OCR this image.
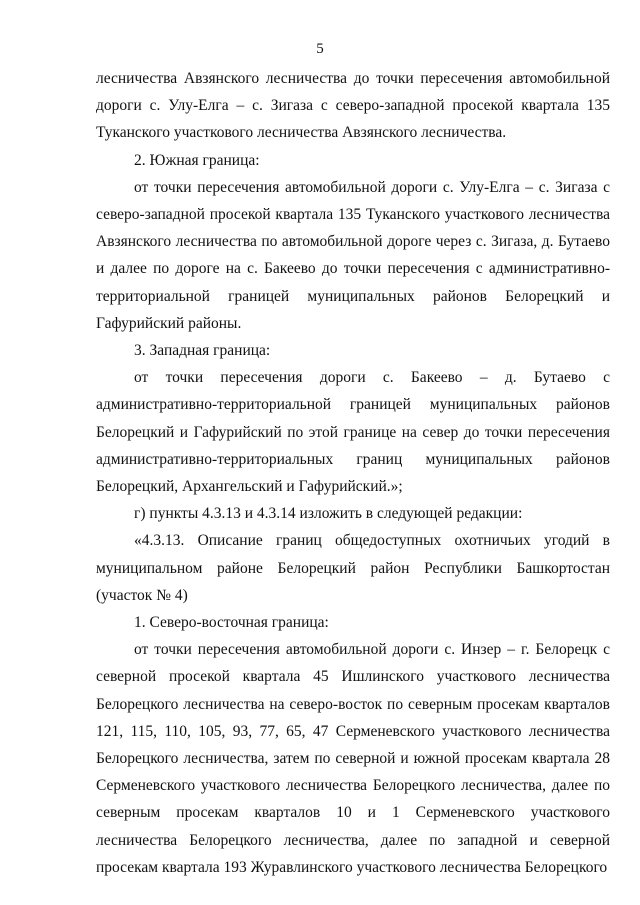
5

лесничества Авзянского лесничества до точки пересечения автомобильной дороги с. Улу-Елга – с. Зигаза с северо-западной просекой квартала 135 Туканского участкового лесничества Авзянского лесничества.

2. Южная граница:

от точки пересечения автомобильной дороги с. Улу-Елга – с. Зигаза с северо-западной просекой квартала 135 Туканского участкового лесничества Авзянского лесничества по автомобильной дороге через с. Зигаза, д. Бутаево и далее по дороге на с. Бакеево до точки пересечения с административно-территориальной границей муниципальных районов Белорецкий и Гафурийский районы.

3. Западная граница:

от точки пересечения дороги с. Бакеево – д. Бутаево с административно-территориальной границей муниципальных районов Белорецкий и Гафурийский по этой границе на север до точки пересечения административно-территориальных границ муниципальных районов Белорецкий, Архангельский и Гафурийский.»;

г) пункты 4.3.13 и 4.3.14 изложить в следующей редакции:

«4.3.13. Описание границ общедоступных охотничьих угодий в муниципальном районе Белорецкий район Республики Башкортостан (участок № 4)

1. Северо-восточная граница:

от точки пересечения автомобильной дороги с. Инзер – г. Белорецк с северной просекой квартала 45 Ишлинского участкового лесничества Белорецкого лесничества на северо-восток по северным просекам кварталов 121, 115, 110, 105, 93, 77, 65, 47 Серменевского участкового лесничества Белорецкого лесничества, затем по северной и южной просекам квартала 28 Серменевского участкового лесничества Белорецкого лесничества, далее по северным просекам кварталов 10 и 1 Серменевского участкового лесничества Белорецкого лесничества, далее по западной и северной просекам квартала 193 Журавлинского участкового лесничества Белорецкого
